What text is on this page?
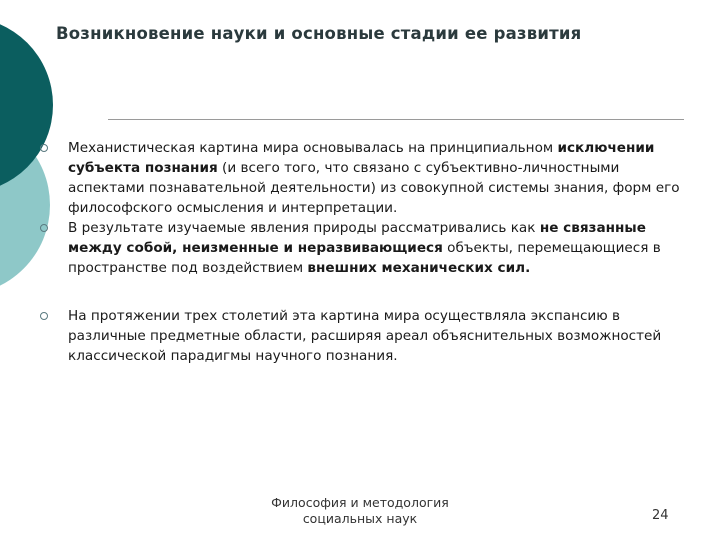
Возникновение науки и основные стадии ее развития
Механистическая картина мира основывалась на принципиальном исключении субъекта познания (и всего того, что связано с субъективно-личностными аспектами познавательной деятельности) из совокупной системы знания, форм его философского осмысления и интерпретации.
В результате изучаемые явления природы рассматривались как не связанные между собой, неизменные и неразвивающиеся объекты, перемещающиеся в пространстве под воздействием внешних механических сил.
На протяжении трех столетий эта картина мира осуществляла экспансию в различные предметные области, расширяя ареал объяснительных возможностей классической парадигмы научного познания.
Философия и методология
социальных наук	24
